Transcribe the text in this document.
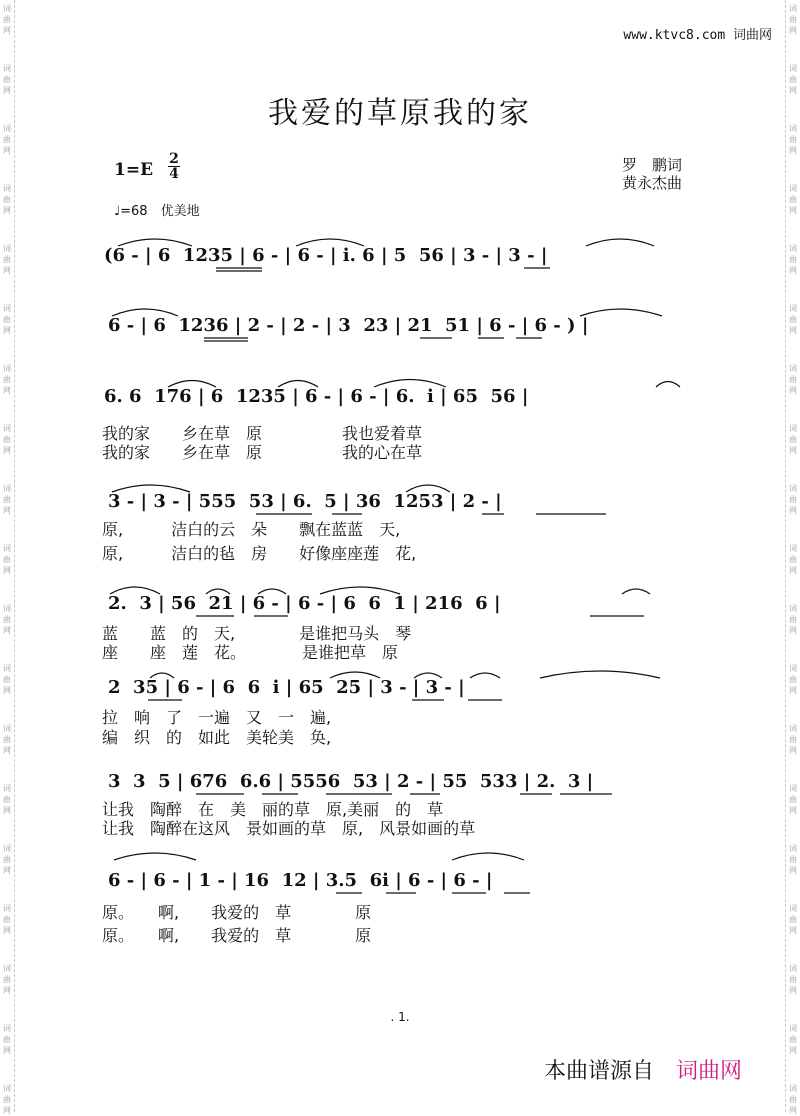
词
曲
网
词
曲
网
词
曲
网
词
曲
网
词
曲
网
词
曲
网
词
曲
网
词
曲
网
词
曲
网
词
曲
网
词
曲
网
词
曲
网
词
曲
网
词
曲
网
词
曲
网
词
曲
网
词
曲
网
词
曲
网
词
曲
网
词
曲
网
词
曲
网
词
曲
网
词
曲
网
词
曲
网
词
曲
网
词
曲
网
词
曲
网
词
曲
网
词
曲
网
词
曲
网
词
曲
网
词
曲
网
词
曲
网
词
曲
网
词
曲
网
词
曲
网
词
曲
网
词
曲
网
www.ktvc8.com 词曲网
我爱的草原我的家
1=E
2
4	罗　鹏词
黄永杰曲
♩=68　优美地
(6 - | 6  1235 | 6 - | 6 - | i. 6 | 5  56 | 3 - | 3 - |
6 - | 6  1236 | 2 - | 2 - | 3  23 | 21  51 | 6 - | 6 - ) |
6. 6  176 | 6  1235 | 6 - | 6 - | 6.  i | 65  56 |
我的家　　乡在草　原　　　　　我也爱着草
我的家　　乡在草　原　　　　　我的心在草
3 - | 3 - | 555  53 | 6.  5 | 36  1253 | 2 - |
原,　　　洁白的云　朵　　飘在蓝蓝　天,
原,　　　洁白的毡　房　　好像座座莲　花,
2.  3 | 56  21 | 6 - | 6 - | 6  6  1 | 216  6 |
蓝　　蓝　的　天,　　　　是谁把马头　琴
座　　座　莲　花。　　　　是谁把草　原
2  35 | 6 - | 6  6  i | 65  25 | 3 - | 3 - |
拉　响　了　一遍　又　一　遍,
编　织　的　如此　美轮美　奂,
3  3  5 | 676  6.6 | 5556  53 | 2 - | 55  533 | 2.  3 |
让我　陶醉　在　美　丽的草　原,美丽　的　草
让我　陶醉在这风　景如画的草　原,　风景如画的草
6 - | 6 - | 1 - | 16  12 | 3.5  6i | 6 - | 6 - |
原。　　啊,　　我爱的　草　　　　原
原。　　啊,　　我爱的　草　　　　原
. 1.
本曲谱源自 词曲网
